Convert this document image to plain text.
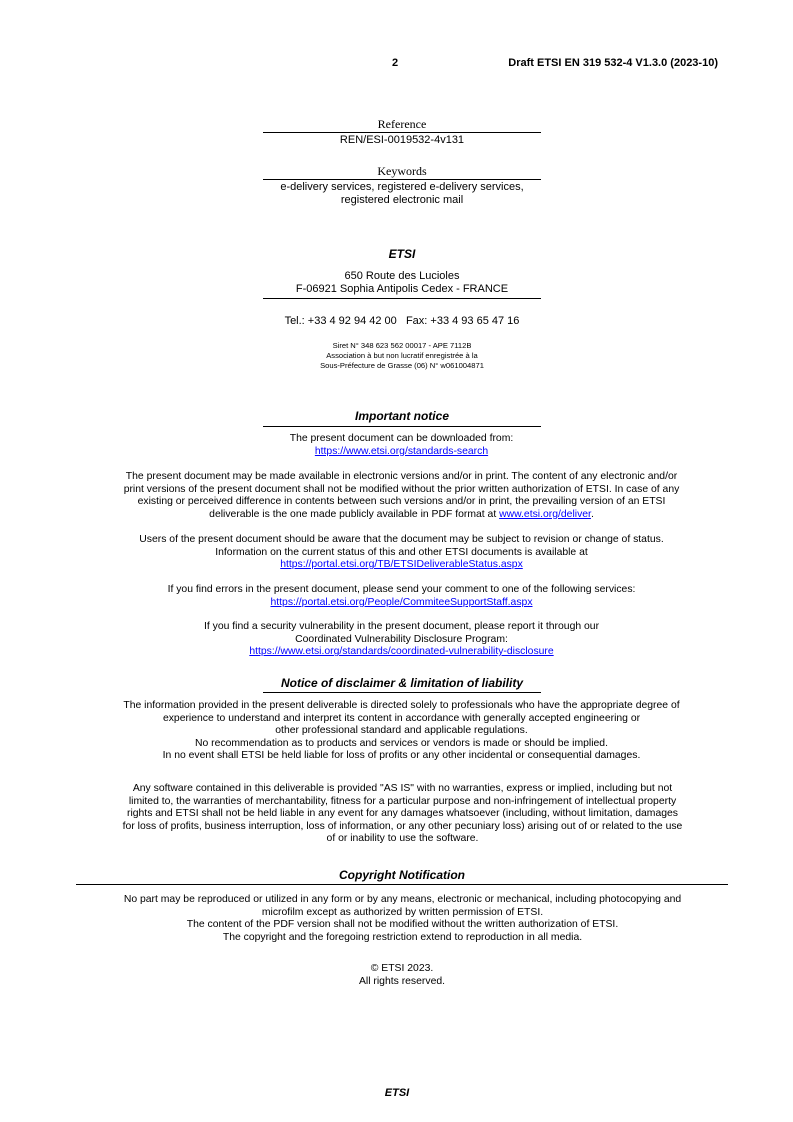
2	Draft ETSI EN 319 532-4 V1.3.0 (2023-10)
Reference
REN/ESI-0019532-4v131
Keywords
e-delivery services, registered e-delivery services,
registered electronic mail
ETSI
650 Route des Lucioles
F-06921 Sophia Antipolis Cedex - FRANCE
Tel.: +33 4 92 94 42 00   Fax: +33 4 93 65 47 16
Siret N° 348 623 562 00017 - APE 7112B
Association à but non lucratif enregistrée à la
Sous-Préfecture de Grasse (06) N° w061004871
Important notice
The present document can be downloaded from:
https://www.etsi.org/standards-search
The present document may be made available in electronic versions and/or in print. The content of any electronic and/or
print versions of the present document shall not be modified without the prior written authorization of ETSI. In case of any
existing or perceived difference in contents between such versions and/or in print, the prevailing version of an ETSI
deliverable is the one made publicly available in PDF format at www.etsi.org/deliver.
Users of the present document should be aware that the document may be subject to revision or change of status.
Information on the current status of this and other ETSI documents is available at
https://portal.etsi.org/TB/ETSIDeliverableStatus.aspx
If you find errors in the present document, please send your comment to one of the following services:
https://portal.etsi.org/People/CommiteeSupportStaff.aspx
If you find a security vulnerability in the present document, please report it through our
Coordinated Vulnerability Disclosure Program:
https://www.etsi.org/standards/coordinated-vulnerability-disclosure
Notice of disclaimer & limitation of liability
The information provided in the present deliverable is directed solely to professionals who have the appropriate degree of
experience to understand and interpret its content in accordance with generally accepted engineering or
other professional standard and applicable regulations.
No recommendation as to products and services or vendors is made or should be implied.
In no event shall ETSI be held liable for loss of profits or any other incidental or consequential damages.
Any software contained in this deliverable is provided "AS IS" with no warranties, express or implied, including but not
limited to, the warranties of merchantability, fitness for a particular purpose and non-infringement of intellectual property
rights and ETSI shall not be held liable in any event for any damages whatsoever (including, without limitation, damages
for loss of profits, business interruption, loss of information, or any other pecuniary loss) arising out of or related to the use
of or inability to use the software.
Copyright Notification
No part may be reproduced or utilized in any form or by any means, electronic or mechanical, including photocopying and
microfilm except as authorized by written permission of ETSI.
The content of the PDF version shall not be modified without the written authorization of ETSI.
The copyright and the foregoing restriction extend to reproduction in all media.
© ETSI 2023.
All rights reserved.
ETSI
